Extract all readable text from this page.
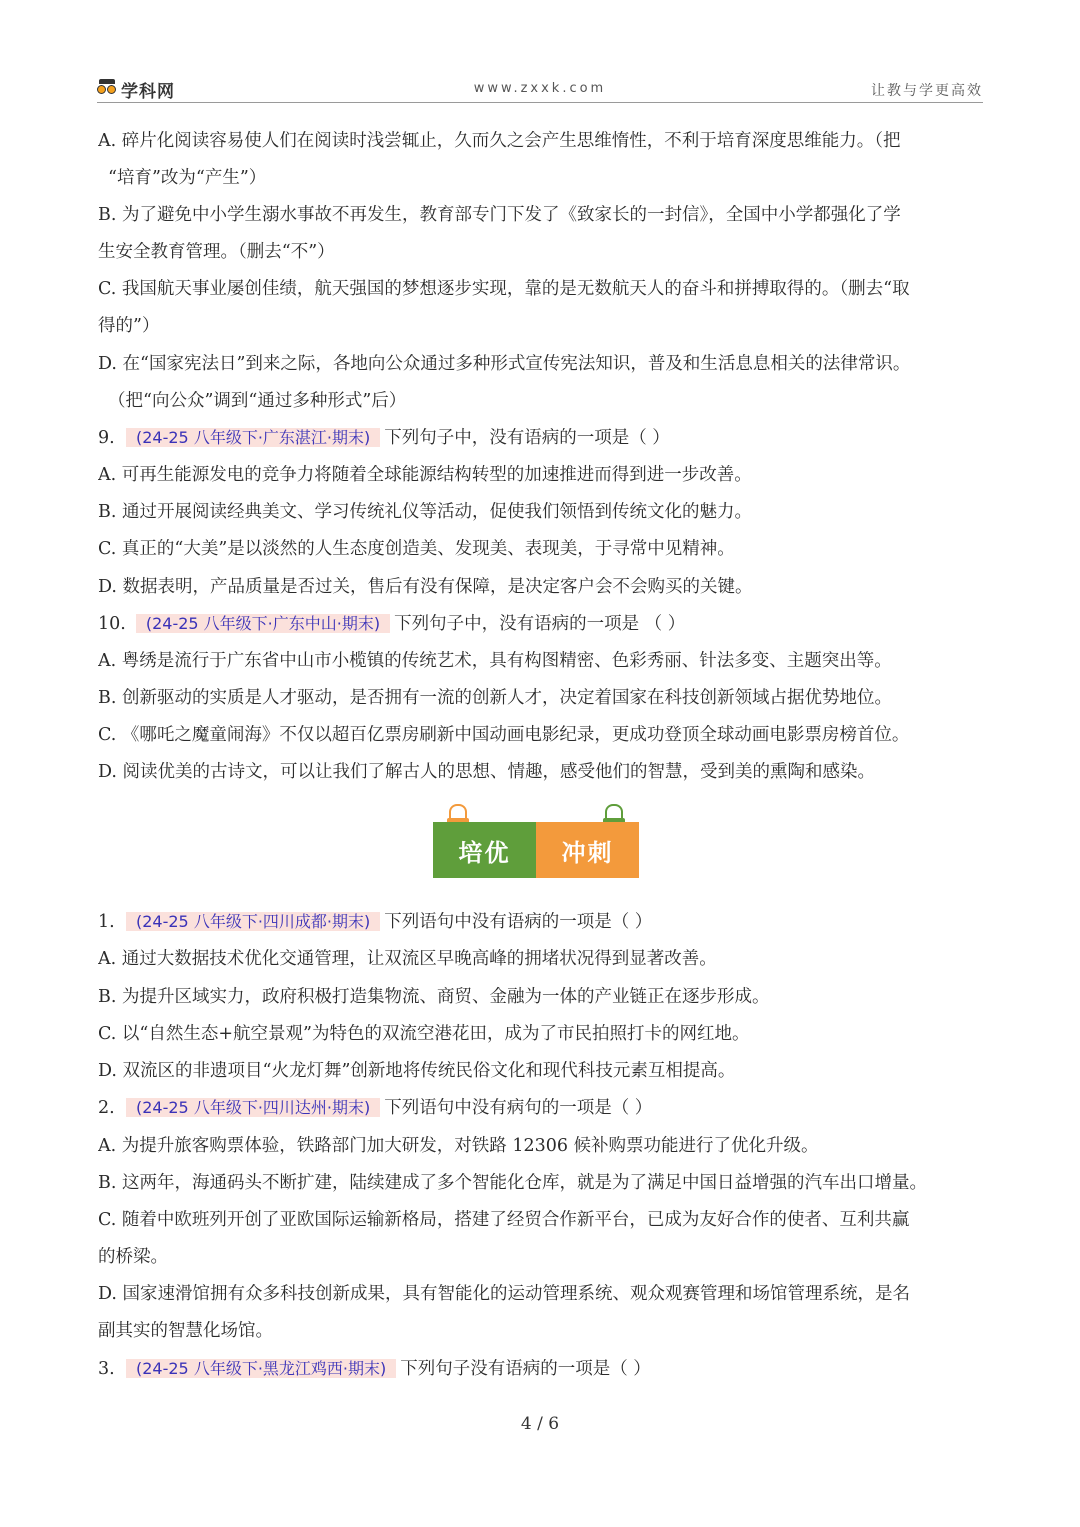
学科网	www.zxxk.com	让教与学更高效
A. 碎片化阅读容易使人们在阅读时浅尝辄止，久而久之会产生思维惰性，不利于培育深度思维能力。（把
“培育”改为“产生”）
B. 为了避免中小学生溺水事故不再发生，教育部专门下发了《致家长的一封信》，全国中小学都强化了学
生安全教育管理。（删去“不”）
C. 我国航天事业屡创佳绩，航天强国的梦想逐步实现，靠的是无数航天人的奋斗和拼搏取得的。（删去“取
得的”）
D. 在“国家宪法日”到来之际，各地向公众通过多种形式宣传宪法知识，普及和生活息息相关的法律常识。
（把“向公众”调到“通过多种形式”后）
9. (24-25 八年级下·广东湛江·期末) 下列句子中，没有语病的一项是（ ）
A. 可再生能源发电的竞争力将随着全球能源结构转型的加速推进而得到进一步改善。
B. 通过开展阅读经典美文、学习传统礼仪等活动，促使我们领悟到传统文化的魅力。
C. 真正的“大美”是以淡然的人生态度创造美、发现美、表现美，于寻常中见精神。
D. 数据表明，产品质量是否过关，售后有没有保障，是决定客户会不会购买的关键。
10. (24-25 八年级下·广东中山·期末) 下列句子中，没有语病的一项是 （ ）
A. 粤绣是流行于广东省中山市小榄镇的传统艺术，具有构图精密、色彩秀丽、针法多变、主题突出等。
B. 创新驱动的实质是人才驱动，是否拥有一流的创新人才，决定着国家在科技创新领域占据优势地位。
C. 《哪吒之魔童闹海》不仅以超百亿票房刷新中国动画电影纪录，更成功登顶全球动画电影票房榜首位。
D. 阅读优美的古诗文，可以让我们了解古人的思想、情趣，感受他们的智慧，受到美的熏陶和感染。
培优	冲刺
1. (24-25 八年级下·四川成都·期末) 下列语句中没有语病的一项是（ ）
A. 通过大数据技术优化交通管理，让双流区早晚高峰的拥堵状况得到显著改善。
B. 为提升区域实力，政府积极打造集物流、商贸、金融为一体的产业链正在逐步形成。
C. 以“自然生态+航空景观”为特色的双流空港花田，成为了市民拍照打卡的网红地。
D. 双流区的非遗项目“火龙灯舞”创新地将传统民俗文化和现代科技元素互相提高。
2. (24-25 八年级下·四川达州·期末) 下列语句中没有病句的一项是（ ）
A. 为提升旅客购票体验，铁路部门加大研发，对铁路 12306 候补购票功能进行了优化升级。
B. 这两年，海通码头不断扩建，陆续建成了多个智能化仓库，就是为了满足中国日益增强的汽车出口增量。
C. 随着中欧班列开创了亚欧国际运输新格局，搭建了经贸合作新平台，已成为友好合作的使者、互利共赢
的桥梁。
D. 国家速滑馆拥有众多科技创新成果，具有智能化的运动管理系统、观众观赛管理和场馆管理系统，是名
副其实的智慧化场馆。
3. (24-25 八年级下·黑龙江鸡西·期末) 下列句子没有语病的一项是（ ）
4 / 6
